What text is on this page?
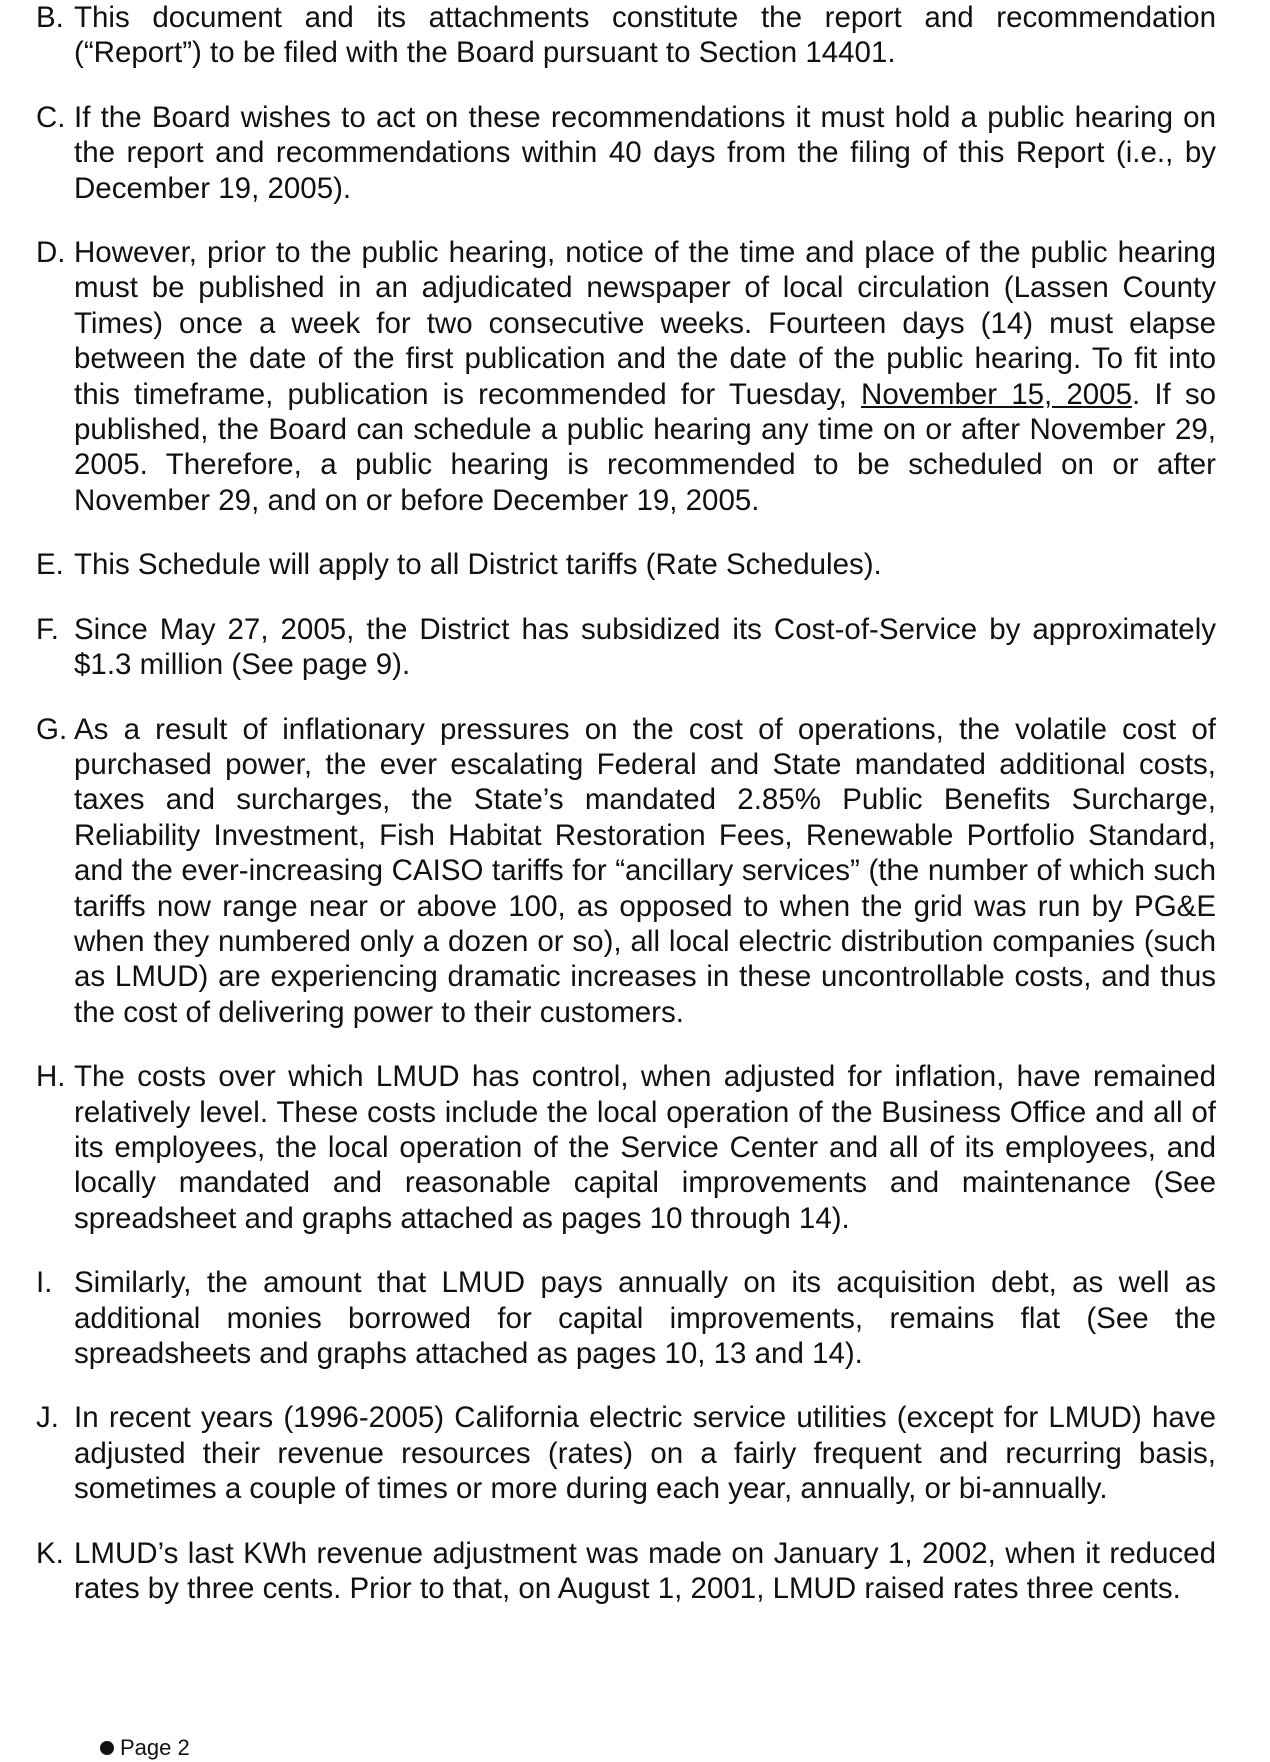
B. This document and its attachments constitute the report and recommendation (“Report”) to be filed with the Board pursuant to Section 14401.
C. If the Board wishes to act on these recommendations it must hold a public hearing on the report and recommendations within 40 days from the filing of this Report (i.e., by December 19, 2005).
D. However, prior to the public hearing, notice of the time and place of the public hearing must be published in an adjudicated newspaper of local circulation (Lassen County Times) once a week for two consecutive weeks. Fourteen days (14) must elapse between the date of the first publication and the date of the public hearing. To fit into this timeframe, publication is recommended for Tuesday, November 15, 2005. If so published, the Board can schedule a public hearing any time on or after November 29, 2005. Therefore, a public hearing is recommended to be scheduled on or after November 29, and on or before December 19, 2005.
E. This Schedule will apply to all District tariffs (Rate Schedules).
F. Since May 27, 2005, the District has subsidized its Cost-of-Service by approximately $1.3 million (See page 9).
G. As a result of inflationary pressures on the cost of operations, the volatile cost of purchased power, the ever escalating Federal and State mandated additional costs, taxes and surcharges, the State’s mandated 2.85% Public Benefits Surcharge, Reliability Investment, Fish Habitat Restoration Fees, Renewable Portfolio Standard, and the ever-increasing CAISO tariffs for “ancillary services” (the number of which such tariffs now range near or above 100, as opposed to when the grid was run by PG&E when they numbered only a dozen or so), all local electric distribution companies (such as LMUD) are experiencing dramatic increases in these uncontrollable costs, and thus the cost of delivering power to their customers.
H. The costs over which LMUD has control, when adjusted for inflation, have remained relatively level. These costs include the local operation of the Business Office and all of its employees, the local operation of the Service Center and all of its employees, and locally mandated and reasonable capital improvements and maintenance (See spreadsheet and graphs attached as pages 10 through 14).
I. Similarly, the amount that LMUD pays annually on its acquisition debt, as well as additional monies borrowed for capital improvements, remains flat (See the spreadsheets and graphs attached as pages 10, 13 and 14).
J. In recent years (1996-2005) California electric service utilities (except for LMUD) have adjusted their revenue resources (rates) on a fairly frequent and recurring basis, sometimes a couple of times or more during each year, annually, or bi-annually.
K. LMUD’s last KWh revenue adjustment was made on January 1, 2002, when it reduced rates by three cents. Prior to that, on August 1, 2001, LMUD raised rates three cents.
Page 2
